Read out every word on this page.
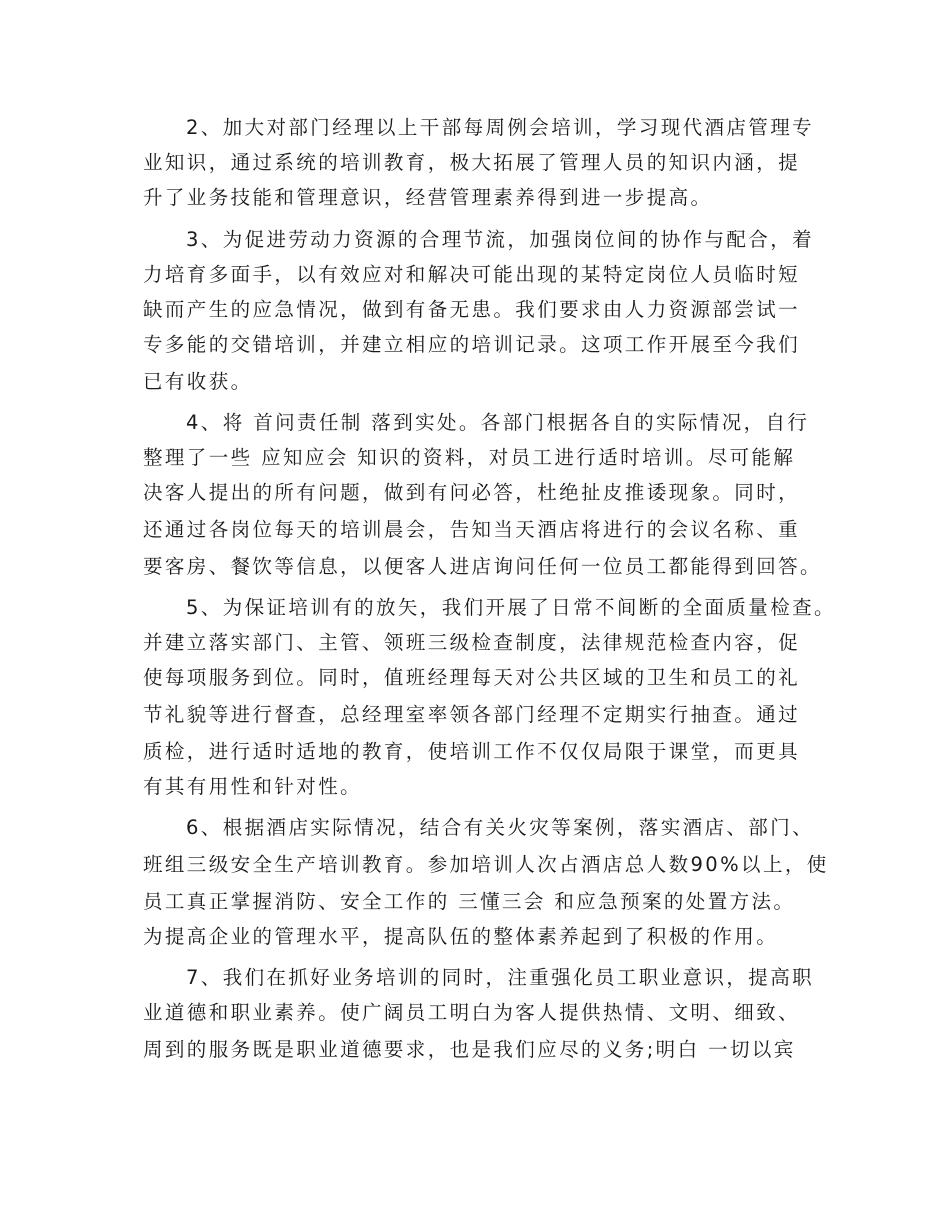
2、加大对部门经理以上干部每周例会培训，学习现代酒店管理专
业知识，通过系统的培训教育，极大拓展了管理人员的知识内涵，提
升了业务技能和管理意识，经营管理素养得到进一步提高。
3、为促进劳动力资源的合理节流，加强岗位间的协作与配合，着
力培育多面手，以有效应对和解决可能出现的某特定岗位人员临时短
缺而产生的应急情况，做到有备无患。我们要求由人力资源部尝试一
专多能的交错培训，并建立相应的培训记录。这项工作开展至今我们
已有收获。
4、将 首问责任制 落到实处。各部门根据各自的实际情况，自行
整理了一些 应知应会 知识的资料，对员工进行适时培训。尽可能解
决客人提出的所有问题，做到有问必答，杜绝扯皮推诿现象。同时，
还通过各岗位每天的培训晨会，告知当天酒店将进行的会议名称、重
要客房、餐饮等信息，以便客人进店询问任何一位员工都能得到回答。
5、为保证培训有的放矢，我们开展了日常不间断的全面质量检查。
并建立落实部门、主管、领班三级检查制度，法律规范检查内容，促
使每项服务到位。同时，值班经理每天对公共区域的卫生和员工的礼
节礼貌等进行督查，总经理室率领各部门经理不定期实行抽查。通过
质检，进行适时适地的教育，使培训工作不仅仅局限于课堂，而更具
有其有用性和针对性。
6、根据酒店实际情况，结合有关火灾等案例，落实酒店、部门、
班组三级安全生产培训教育。参加培训人次占酒店总人数90%以上，使
员工真正掌握消防、安全工作的 三懂三会 和应急预案的处置方法。
为提高企业的管理水平，提高队伍的整体素养起到了积极的作用。
7、我们在抓好业务培训的同时，注重强化员工职业意识，提高职
业道德和职业素养。使广阔员工明白为客人提供热情、文明、细致、
周到的服务既是职业道德要求，也是我们应尽的义务;明白 一切以宾
